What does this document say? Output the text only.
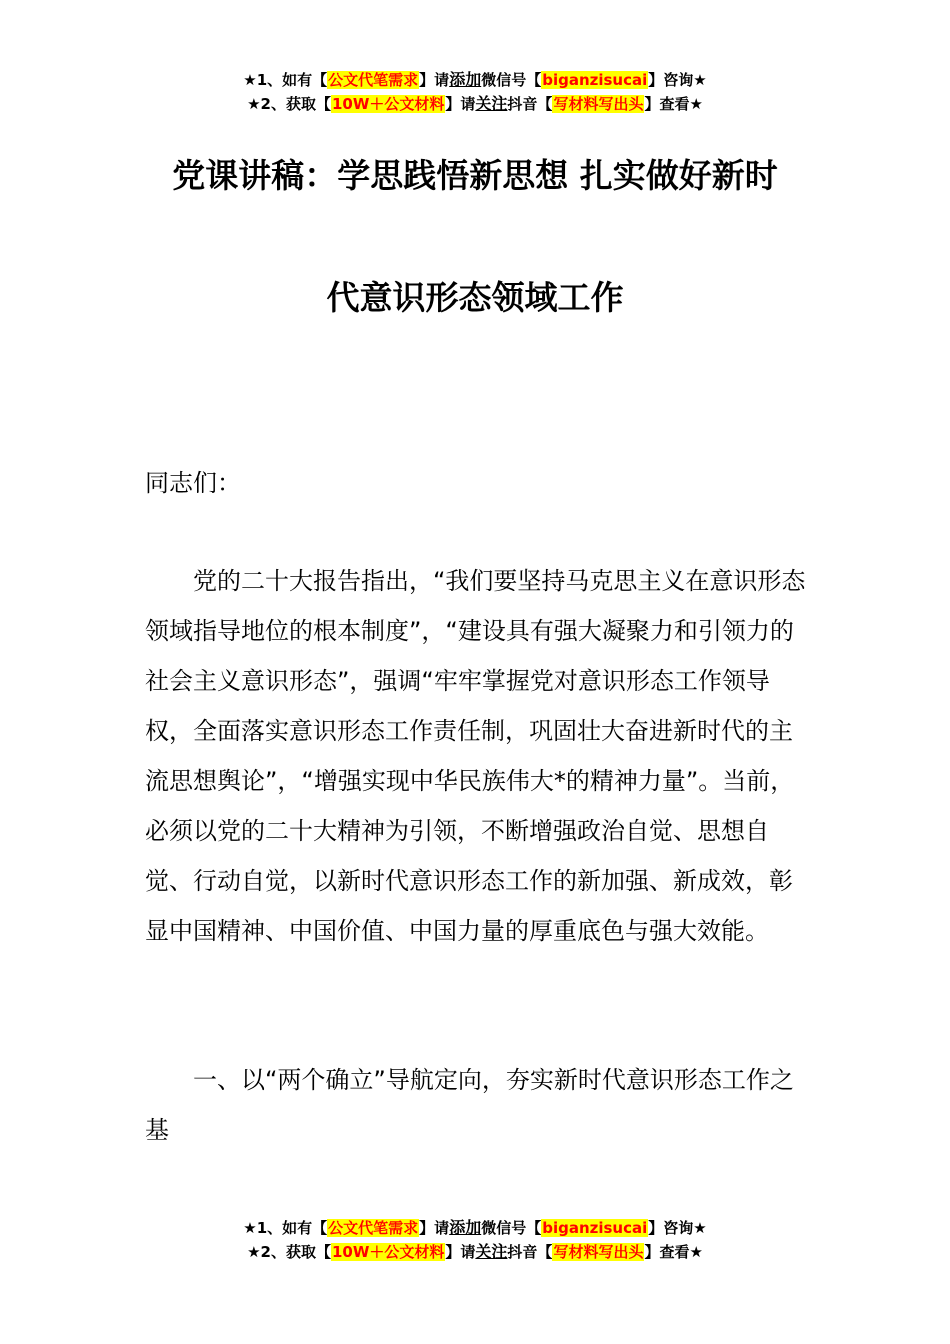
★1、如有【公文代笔需求】请添加微信号【biganzisucai】咨询★
★2、获取【10W＋公文材料】请关注抖音【写材料写出头】查看★
党课讲稿：学思践悟新思想 扎实做好新时
代意识形态领域工作
同志们：

党的二十大报告指出，“我们要坚持马克思主义在意识形态领域指导地位的根本制度”，“建设具有强大凝聚力和引领力的社会主义意识形态”，强调“牢牢掌握党对意识形态工作领导权，全面落实意识形态工作责任制，巩固壮大奋进新时代的主流思想舆论”，“增强实现中华民族伟大*的精神力量”。当前，必须以党的二十大精神为引领，不断增强政治自觉、思想自觉、行动自觉，以新时代意识形态工作的新加强、新成效，彰显中国精神、中国价值、中国力量的厚重底色与强大效能。

一、以“两个确立”导航定向，夯实新时代意识形态工作之基

★1、如有【公文代笔需求】请添加微信号【biganzisucai】咨询★
★2、获取【10W＋公文材料】请关注抖音【写材料写出头】查看★
